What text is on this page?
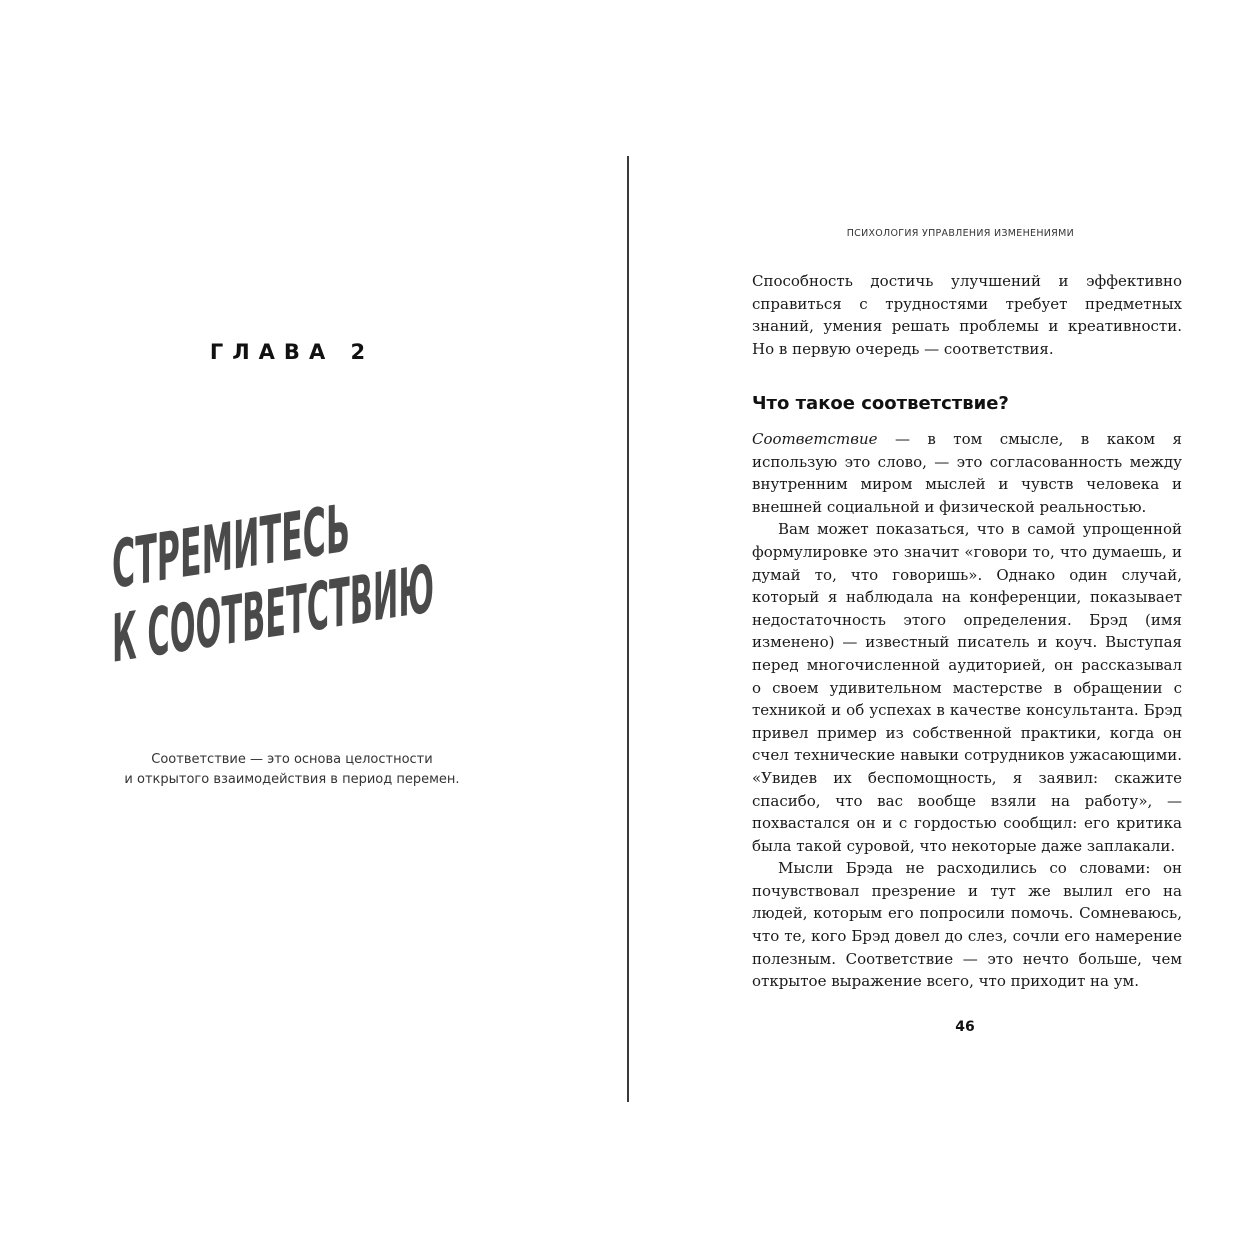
ГЛАВА 2
СТРЕМИТЕСЬ
К СООТВЕТСТВИЮ
Соответствие — это основа целостности
и открытого взаимодействия в период перемен.
ПСИХОЛОГИЯ УПРАВЛЕНИЯ ИЗМЕНЕНИЯМИ
Способность достичь улучшений и эффективно справиться с трудностями требует предметных знаний, умения решать проблемы и креативности. Но в первую очередь — соответствия.
Что такое соответствие?

Соответствие — в том смысле, в каком я использую это слово, — это согласованность между внутренним миром мыслей и чувств человека и внешней социальной и физической реальностью.

Вам может показаться, что в самой упрощенной формулировке это значит «говори то, что думаешь, и думай то, что говоришь». Однако один случай, который я наблюдала на конференции, показывает недостаточность этого определения. Брэд (имя изменено) — известный писатель и коуч. Выступая перед многочисленной аудиторией, он рассказывал о своем удивительном мастерстве в обращении с техникой и об успехах в качестве консультанта. Брэд привел пример из собственной практики, когда он счел технические навыки сотрудников ужасающими. «Увидев их беспомощность, я заявил: скажите спасибо, что вас вообще взяли на работу», — похвастался он и с гордостью сообщил: его критика была такой суровой, что некоторые даже заплакали.

Мысли Брэда не расходились со словами: он почувствовал презрение и тут же вылил его на людей, которым его попросили помочь. Сомневаюсь, что те, кого Брэд довел до слез, сочли его намерение полезным. Соответствие — это нечто больше, чем открытое выражение всего, что приходит на ум.

46
